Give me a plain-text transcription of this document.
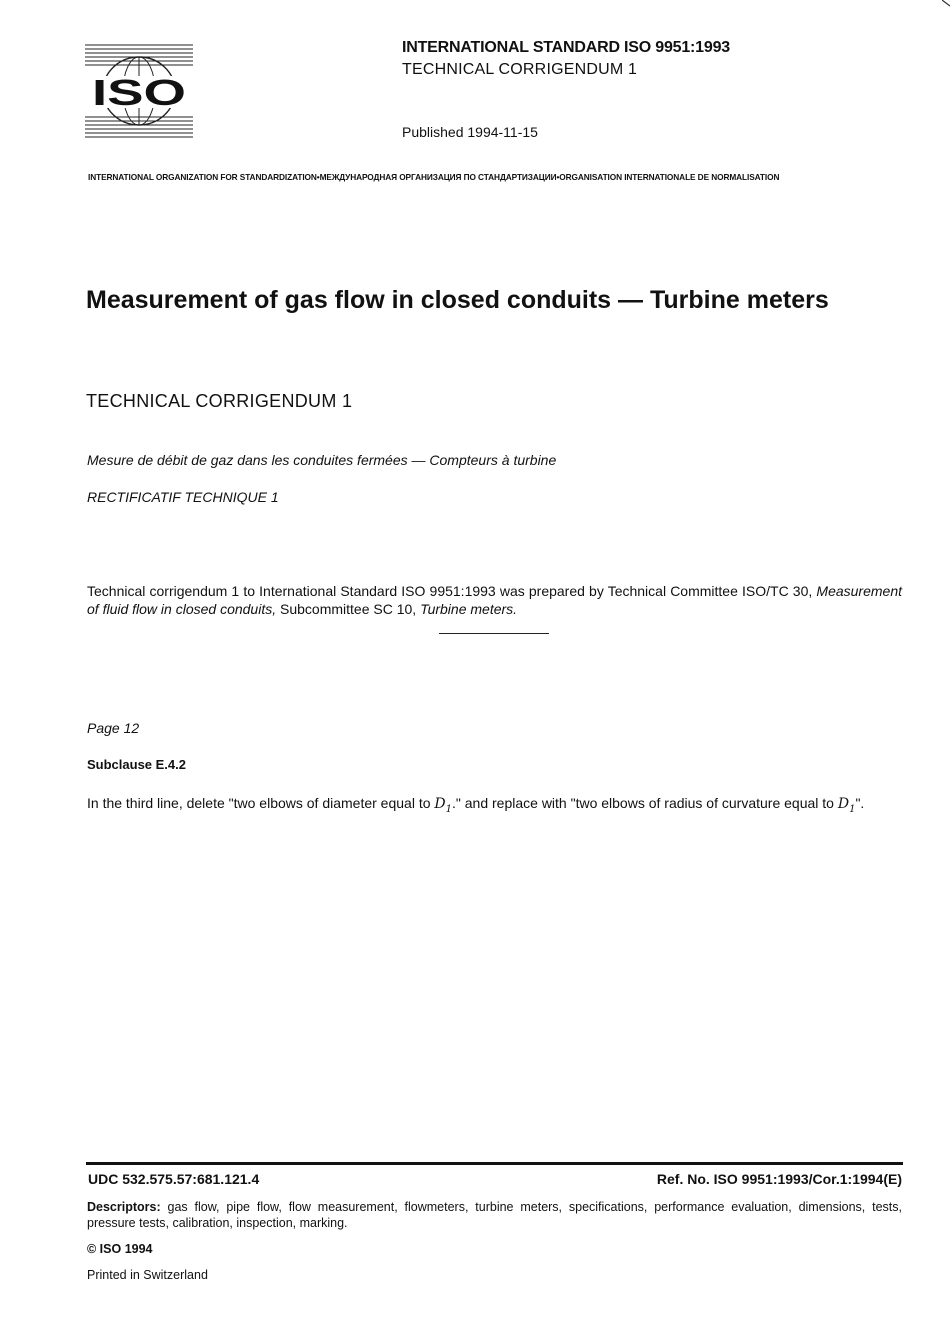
ISO
INTERNATIONAL STANDARD ISO 9951:1993
TECHNICAL CORRIGENDUM 1
Published 1994-11-15
INTERNATIONAL ORGANIZATION FOR STANDARDIZATION•МЕЖДУНАРОДНАЯ ОРГАНИЗАЦИЯ ПО СТАНДАРТИЗАЦИИ•ORGANISATION INTERNATIONALE DE NORMALISATION
Measurement of gas flow in closed conduits — Turbine meters
TECHNICAL CORRIGENDUM 1
Mesure de débit de gaz dans les conduites fermées — Compteurs à turbine
RECTIFICATIF TECHNIQUE 1
Technical corrigendum 1 to International Standard ISO 9951:1993 was prepared by Technical Committee ISO/TC 30, Measurement of fluid flow in closed conduits, Subcommittee SC 10, Turbine meters.
Page 12
Subclause E.4.2
In the third line, delete "two elbows of diameter equal to $D_1$." and replace with "two elbows of radius of curvature equal to $D_1$".
UDC 532.575.57:681.121.4	Ref. No. ISO 9951:1993/Cor.1:1994(E)
Descriptors: gas flow, pipe flow, flow measurement, flowmeters, turbine meters, specifications, performance evaluation, dimensions, tests, pressure tests, calibration, inspection, marking.
© ISO 1994
Printed in Switzerland
